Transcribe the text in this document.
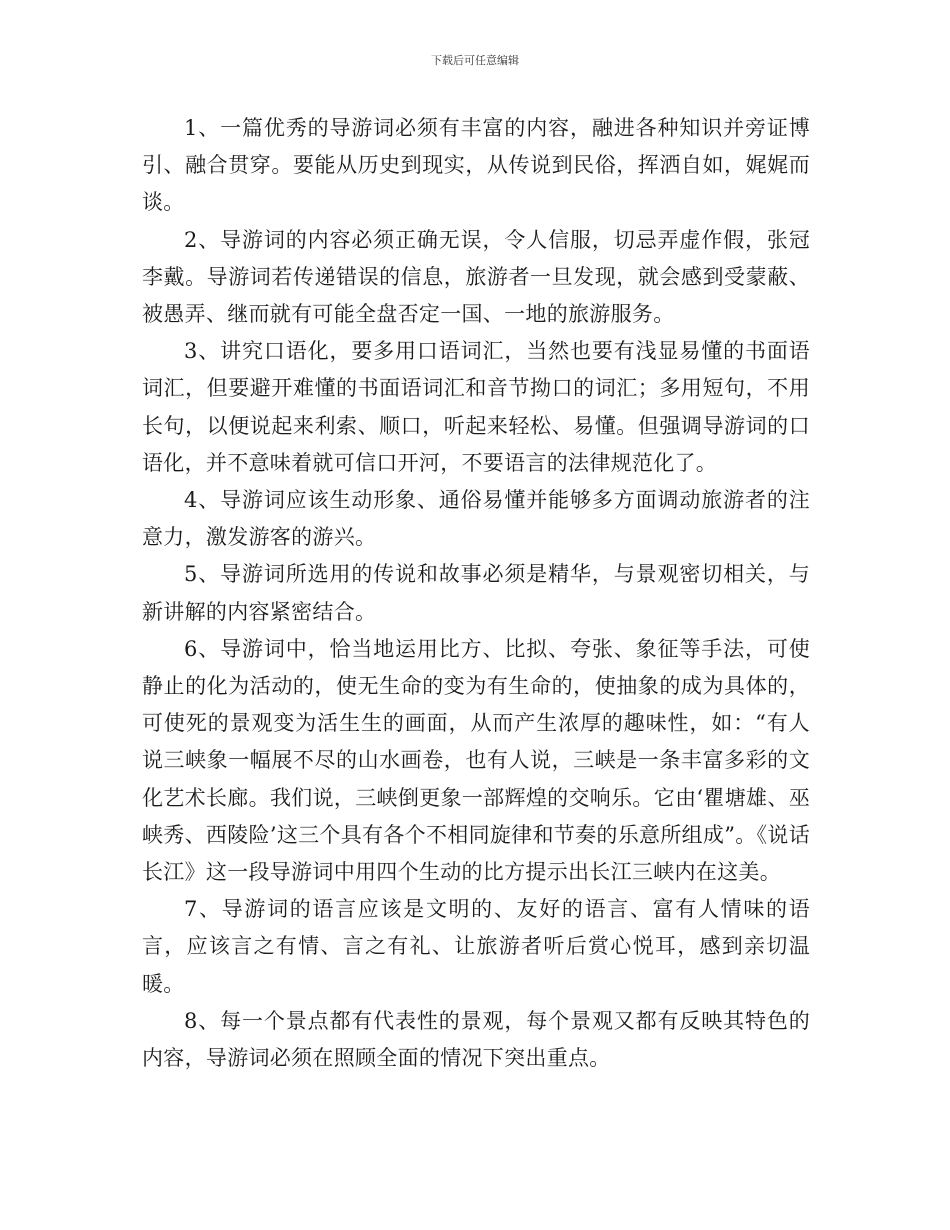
下载后可任意编辑

1、一篇优秀的导游词必须有丰富的内容，融进各种知识并旁证博引、融合贯穿。要能从历史到现实，从传说到民俗，挥洒自如，娓娓而谈。

2、导游词的内容必须正确无误，令人信服，切忌弄虚作假，张冠李戴。导游词若传递错误的信息，旅游者一旦发现，就会感到受蒙蔽、被愚弄、继而就有可能全盘否定一国、一地的旅游服务。

3、讲究口语化，要多用口语词汇，当然也要有浅显易懂的书面语词汇，但要避开难懂的书面语词汇和音节拗口的词汇；多用短句，不用长句，以便说起来利索、顺口，听起来轻松、易懂。但强调导游词的口语化，并不意味着就可信口开河，不要语言的法律规范化了。

4、导游词应该生动形象、通俗易懂并能够多方面调动旅游者的注意力，激发游客的游兴。

5、导游词所选用的传说和故事必须是精华，与景观密切相关，与新讲解的内容紧密结合。

6、导游词中，恰当地运用比方、比拟、夸张、象征等手法，可使静止的化为活动的，使无生命的变为有生命的，使抽象的成为具体的，可使死的景观变为活生生的画面，从而产生浓厚的趣味性，如：“有人说三峡象一幅展不尽的山水画卷，也有人说，三峡是一条丰富多彩的文化艺术长廊。我们说，三峡倒更象一部辉煌的交响乐。它由‘瞿塘雄、巫峡秀、西陵险’这三个具有各个不相同旋律和节奏的乐意所组成”。《说话长江》这一段导游词中用四个生动的比方提示出长江三峡内在这美。

7、导游词的语言应该是文明的、友好的语言、富有人情味的语言，应该言之有情、言之有礼、让旅游者听后赏心悦耳，感到亲切温暖。

8、每一个景点都有代表性的景观，每个景观又都有反映其特色的内容，导游词必须在照顾全面的情况下突出重点。
